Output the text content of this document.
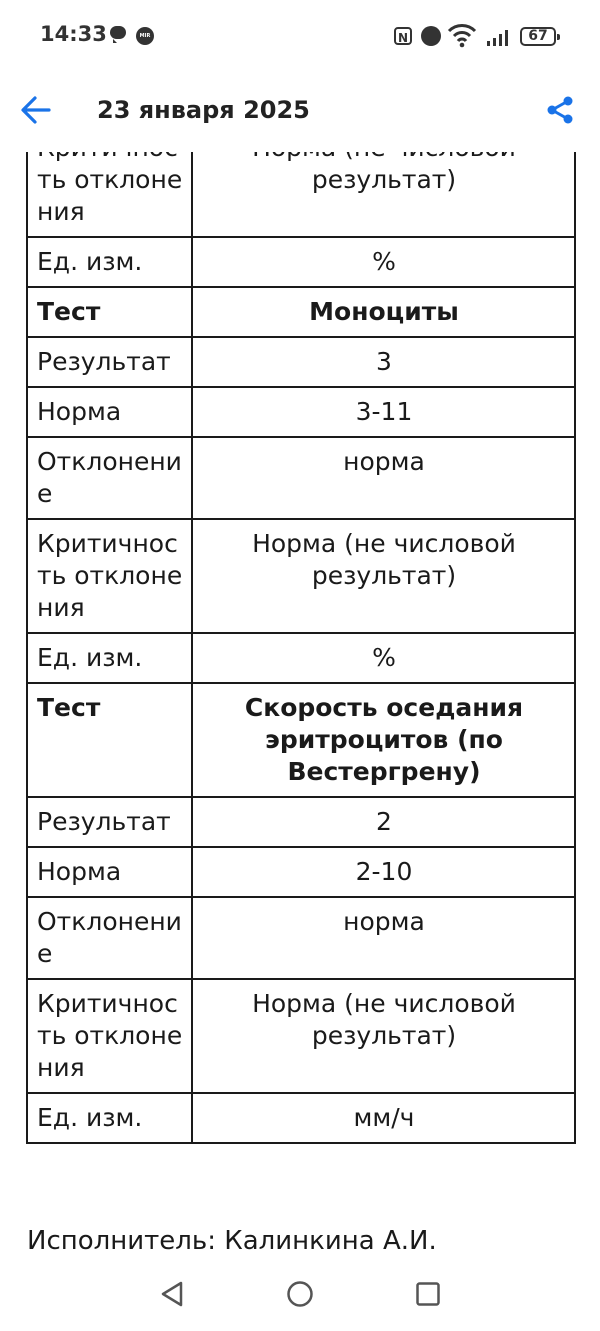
14:33	MIR	N	67
23 января 2025
ть отклонения	результат)
Ед. изм.	%
Тест	Моноциты
Результат	3
Норма	3-11
Отклонение	норма
Критичность отклонения	Норма (не числовой результат)
Ед. изм.	%
Тест	Скорость оседания эритроцитов (по Вестергрену)
Результат	2
Норма	2-10
Отклонение	норма
Критичность отклонения	Норма (не числовой результат)
Ед. изм.	мм/ч
Исполнитель: Калинкина А.И.
